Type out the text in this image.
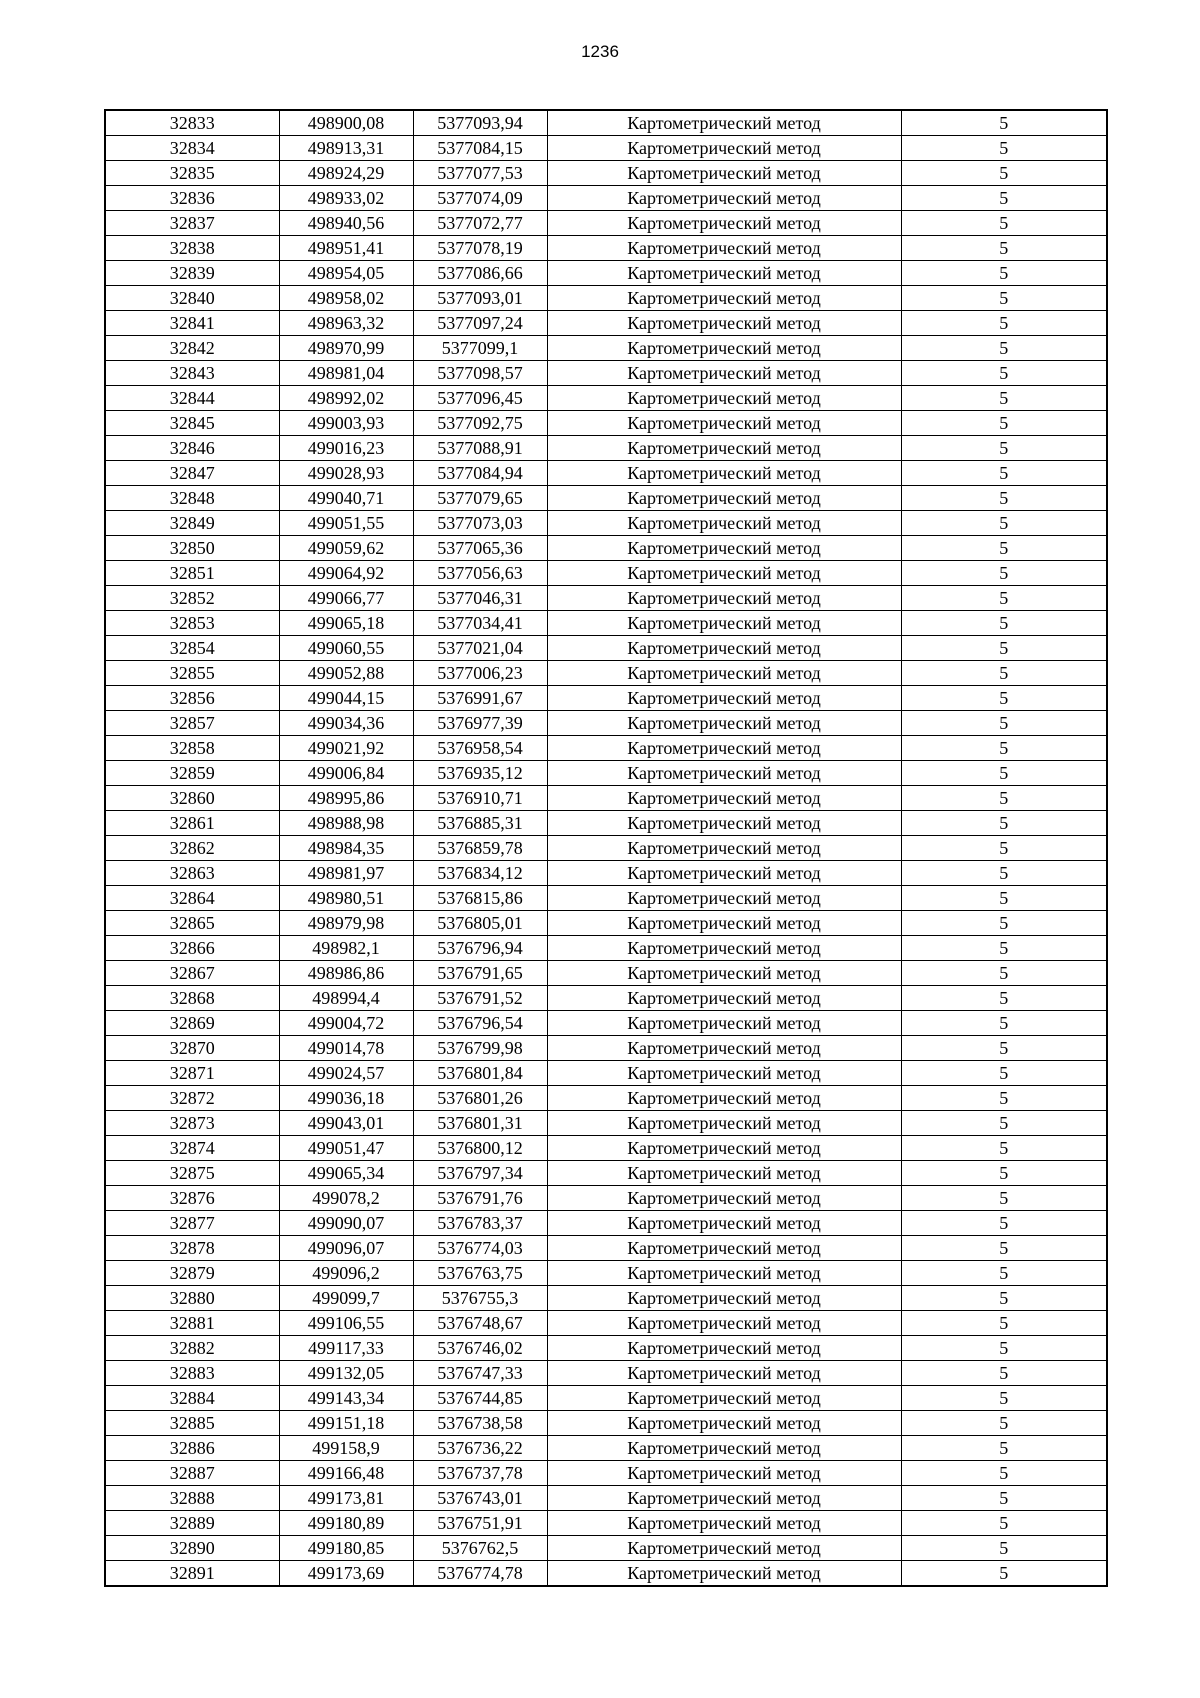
1236
32833	498900,08	5377093,94	Картометрический метод	5
32834	498913,31	5377084,15	Картометрический метод	5
32835	498924,29	5377077,53	Картометрический метод	5
32836	498933,02	5377074,09	Картометрический метод	5
32837	498940,56	5377072,77	Картометрический метод	5
32838	498951,41	5377078,19	Картометрический метод	5
32839	498954,05	5377086,66	Картометрический метод	5
32840	498958,02	5377093,01	Картометрический метод	5
32841	498963,32	5377097,24	Картометрический метод	5
32842	498970,99	5377099,1	Картометрический метод	5
32843	498981,04	5377098,57	Картометрический метод	5
32844	498992,02	5377096,45	Картометрический метод	5
32845	499003,93	5377092,75	Картометрический метод	5
32846	499016,23	5377088,91	Картометрический метод	5
32847	499028,93	5377084,94	Картометрический метод	5
32848	499040,71	5377079,65	Картометрический метод	5
32849	499051,55	5377073,03	Картометрический метод	5
32850	499059,62	5377065,36	Картометрический метод	5
32851	499064,92	5377056,63	Картометрический метод	5
32852	499066,77	5377046,31	Картометрический метод	5
32853	499065,18	5377034,41	Картометрический метод	5
32854	499060,55	5377021,04	Картометрический метод	5
32855	499052,88	5377006,23	Картометрический метод	5
32856	499044,15	5376991,67	Картометрический метод	5
32857	499034,36	5376977,39	Картометрический метод	5
32858	499021,92	5376958,54	Картометрический метод	5
32859	499006,84	5376935,12	Картометрический метод	5
32860	498995,86	5376910,71	Картометрический метод	5
32861	498988,98	5376885,31	Картометрический метод	5
32862	498984,35	5376859,78	Картометрический метод	5
32863	498981,97	5376834,12	Картометрический метод	5
32864	498980,51	5376815,86	Картометрический метод	5
32865	498979,98	5376805,01	Картометрический метод	5
32866	498982,1	5376796,94	Картометрический метод	5
32867	498986,86	5376791,65	Картометрический метод	5
32868	498994,4	5376791,52	Картометрический метод	5
32869	499004,72	5376796,54	Картометрический метод	5
32870	499014,78	5376799,98	Картометрический метод	5
32871	499024,57	5376801,84	Картометрический метод	5
32872	499036,18	5376801,26	Картометрический метод	5
32873	499043,01	5376801,31	Картометрический метод	5
32874	499051,47	5376800,12	Картометрический метод	5
32875	499065,34	5376797,34	Картометрический метод	5
32876	499078,2	5376791,76	Картометрический метод	5
32877	499090,07	5376783,37	Картометрический метод	5
32878	499096,07	5376774,03	Картометрический метод	5
32879	499096,2	5376763,75	Картометрический метод	5
32880	499099,7	5376755,3	Картометрический метод	5
32881	499106,55	5376748,67	Картометрический метод	5
32882	499117,33	5376746,02	Картометрический метод	5
32883	499132,05	5376747,33	Картометрический метод	5
32884	499143,34	5376744,85	Картометрический метод	5
32885	499151,18	5376738,58	Картометрический метод	5
32886	499158,9	5376736,22	Картометрический метод	5
32887	499166,48	5376737,78	Картометрический метод	5
32888	499173,81	5376743,01	Картометрический метод	5
32889	499180,89	5376751,91	Картометрический метод	5
32890	499180,85	5376762,5	Картометрический метод	5
32891	499173,69	5376774,78	Картометрический метод	5
